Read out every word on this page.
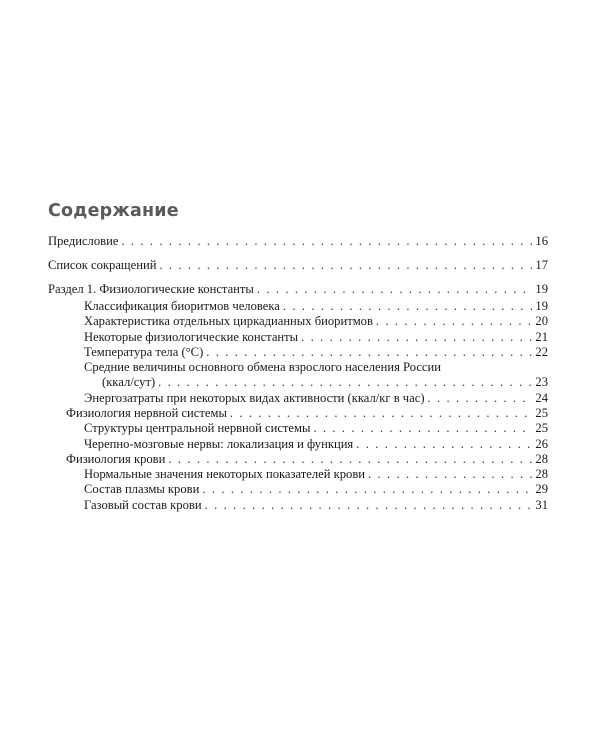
Содержание
Предисловие . . .	16
Список сокращений . . .	17
Раздел 1. Физиологические константы . . .	19
Классификация биоритмов человека . . .	19
Характеристика отдельных циркадианных биоритмов . . .	20
Некоторые физиологические константы . . .	21
Температура тела (°С) . . .	22
Средние величины основного обмена взрослого населения России
(ккал/сут) . . .	23
Энергозатраты при некоторых видах активности (ккал/кг в час) . . .	24
Физиология нервной системы . . .	25
Структуры центральной нервной системы . . .	25
Черепно-мозговые нервы: локализация и функция . . .	26
Физиология крови . . .	28
Нормальные значения некоторых показателей крови . . .	28
Состав плазмы крови . . .	29
Газовый состав крови . . .	31
